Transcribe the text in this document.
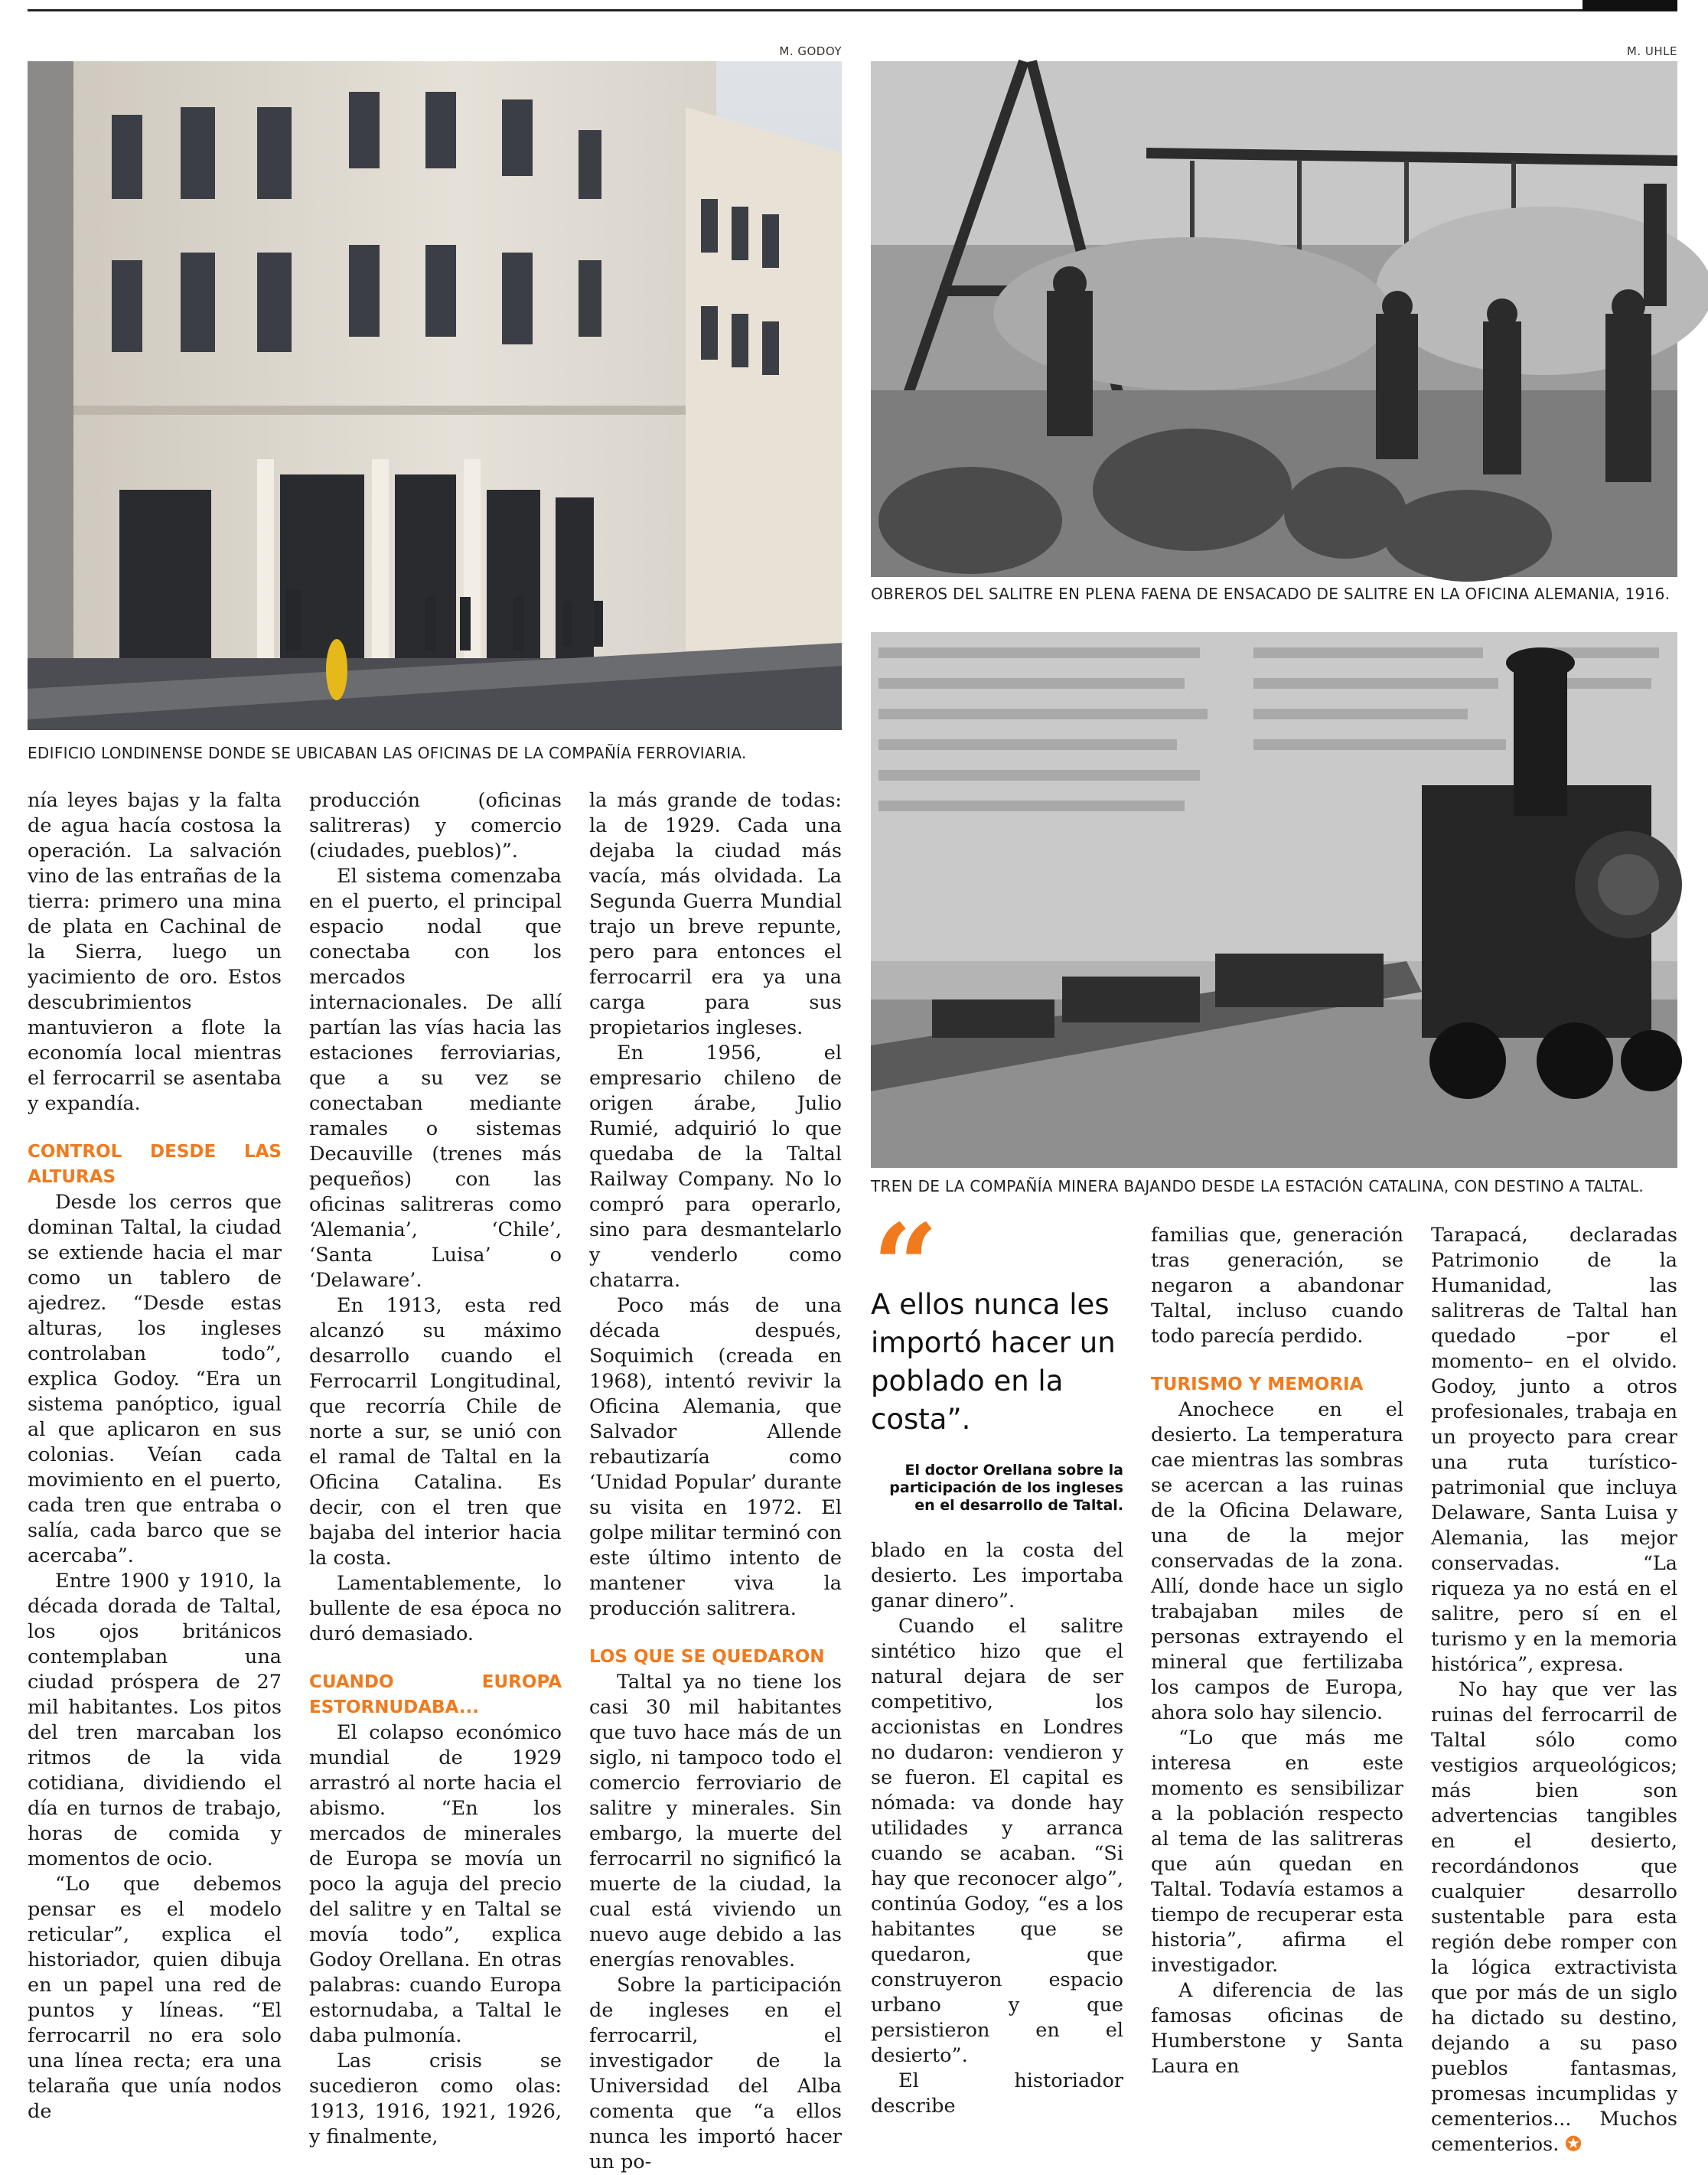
M. GODOY
EDIFICIO LONDINENSE DONDE SE UBICABAN LAS OFICINAS DE LA COMPAÑÍA FERROVIARIA.
M. UHLE
OBREROS DEL SALITRE EN PLENA FAENA DE ENSACADO DE SALITRE EN LA OFICINA ALEMANIA, 1916.
TREN DE LA COMPAÑÍA MINERA BAJANDO DESDE LA ESTACIÓN CATALINA, CON DESTINO A TALTAL.

nía leyes bajas y la falta de agua hacía costosa la operación. La salvación vino de las entrañas de la tierra: primero una mina de plata en Cachinal de la Sierra, luego un yacimiento de oro. Estos descubrimientos mantuvieron a flote la economía local mientras el ferrocarril se asentaba y expandía.

CONTROL DESDE LAS ALTURAS

Desde los cerros que dominan Taltal, la ciudad se extiende hacia el mar como un tablero de ajedrez. “Desde estas alturas, los ingleses controlaban todo”, explica Godoy. “Era un sistema panóptico, igual al que aplicaron en sus colonias. Veían cada movimiento en el puerto, cada tren que entraba o salía, cada barco que se acercaba”.

Entre 1900 y 1910, la década dorada de Taltal, los ojos británicos contemplaban una ciudad próspera de 27 mil habitantes. Los pitos del tren marcaban los ritmos de la vida cotidiana, dividiendo el día en turnos de trabajo, horas de comida y momentos de ocio.

“Lo que debemos pensar es el modelo reticular”, explica el historiador, quien dibuja en un papel una red de puntos y líneas. “El ferrocarril no era solo una línea recta; era una telaraña que unía nodos de

producción (oficinas salitreras) y comercio (ciudades, pueblos)”.

El sistema comenzaba en el puerto, el principal espacio nodal que conectaba con los mercados internacionales. De allí partían las vías hacia las estaciones ferroviarias, que a su vez se conectaban mediante ramales o sistemas Decauville (trenes más pequeños) con las oficinas salitreras como ‘Alemania’, ‘Chile’, ‘Santa Luisa’ o ‘Delaware’.

En 1913, esta red alcanzó su máximo desarrollo cuando el Ferrocarril Longitudinal, que recorría Chile de norte a sur, se unió con el ramal de Taltal en la Oficina Catalina. Es decir, con el tren que bajaba del interior hacia la costa.

Lamentablemente, lo bullente de esa época no duró demasiado.

CUANDO EUROPA ESTORNUDABA...

El colapso económico mundial de 1929 arrastró al norte hacia el abismo. “En los mercados de minerales de Europa se movía un poco la aguja del precio del salitre y en Taltal se movía todo”, explica Godoy Orellana. En otras palabras: cuando Europa estornudaba, a Taltal le daba pulmonía.

Las crisis se sucedieron como olas: 1913, 1916, 1921, 1926, y finalmente,

la más grande de todas: la de 1929. Cada una dejaba la ciudad más vacía, más olvidada. La Segunda Guerra Mundial trajo un breve repunte, pero para entonces el ferrocarril era ya una carga para sus propietarios ingleses.

En 1956, el empresario chileno de origen árabe, Julio Rumié, adquirió lo que quedaba de la Taltal Railway Company. No lo compró para operarlo, sino para desmantelarlo y venderlo como chatarra.

Poco más de una década después, Soquimich (creada en 1968), intentó revivir la Oficina Alemania, que Salvador Allende rebautizaría como ‘Unidad Popular’ durante su visita en 1972. El golpe militar terminó con este último intento de mantener viva la producción salitrera.

LOS QUE SE QUEDARON

Taltal ya no tiene los casi 30 mil habitantes que tuvo hace más de un siglo, ni tampoco todo el comercio ferroviario de salitre y minerales. Sin embargo, la muerte del ferrocarril no significó la muerte de la ciudad, la cual está viviendo un nuevo auge debido a las energías renovables.

Sobre la participación de ingleses en el ferrocarril, el investigador de la Universidad del Alba comenta que “a ellos nunca les importó hacer un po-

“
A ellos nunca les importó hacer un poblado en la costa”.
El doctor Orellana sobre la participación de los ingleses en el desarrollo de Taltal.

blado en la costa del desierto. Les importaba ganar dinero”.

Cuando el salitre sintético hizo que el natural dejara de ser competitivo, los accionistas en Londres no dudaron: vendieron y se fueron. El capital es nómada: va donde hay utilidades y arranca cuando se acaban. “Si hay que reconocer algo”, continúa Godoy, “es a los habitantes que se quedaron, que construyeron espacio urbano y que persistieron en el desierto”.

El historiador describe

familias que, generación tras generación, se negaron a abandonar Taltal, incluso cuando todo parecía perdido.

TURISMO Y MEMORIA

Anochece en el desierto. La temperatura cae mientras las sombras se acercan a las ruinas de la Oficina Delaware, una de la mejor conservadas de la zona. Allí, donde hace un siglo trabajaban miles de personas extrayendo el mineral que fertilizaba los campos de Europa, ahora solo hay silencio.

“Lo que más me interesa en este momento es sensibilizar a la población respecto al tema de las salitreras que aún quedan en Taltal. Todavía estamos a tiempo de recuperar esta historia”, afirma el investigador.

A diferencia de las famosas oficinas de Humberstone y Santa Laura en

Tarapacá, declaradas Patrimonio de la Humanidad, las salitreras de Taltal han quedado –por el momento– en el olvido. Godoy, junto a otros profesionales, trabaja en un proyecto para crear una ruta turístico-patrimonial que incluya Delaware, Santa Luisa y Alemania, las mejor conservadas. “La riqueza ya no está en el salitre, pero sí en el turismo y en la memoria histórica”, expresa.

No hay que ver las ruinas del ferrocarril de Taltal sólo como vestigios arqueológicos; más bien son advertencias tangibles en el desierto, recordándonos que cualquier desarrollo sustentable para esta región debe romper con la lógica extractivista que por más de un siglo ha dictado su destino, dejando a su paso pueblos fantasmas, promesas incumplidas y cementerios... Muchos cementerios. ✪
